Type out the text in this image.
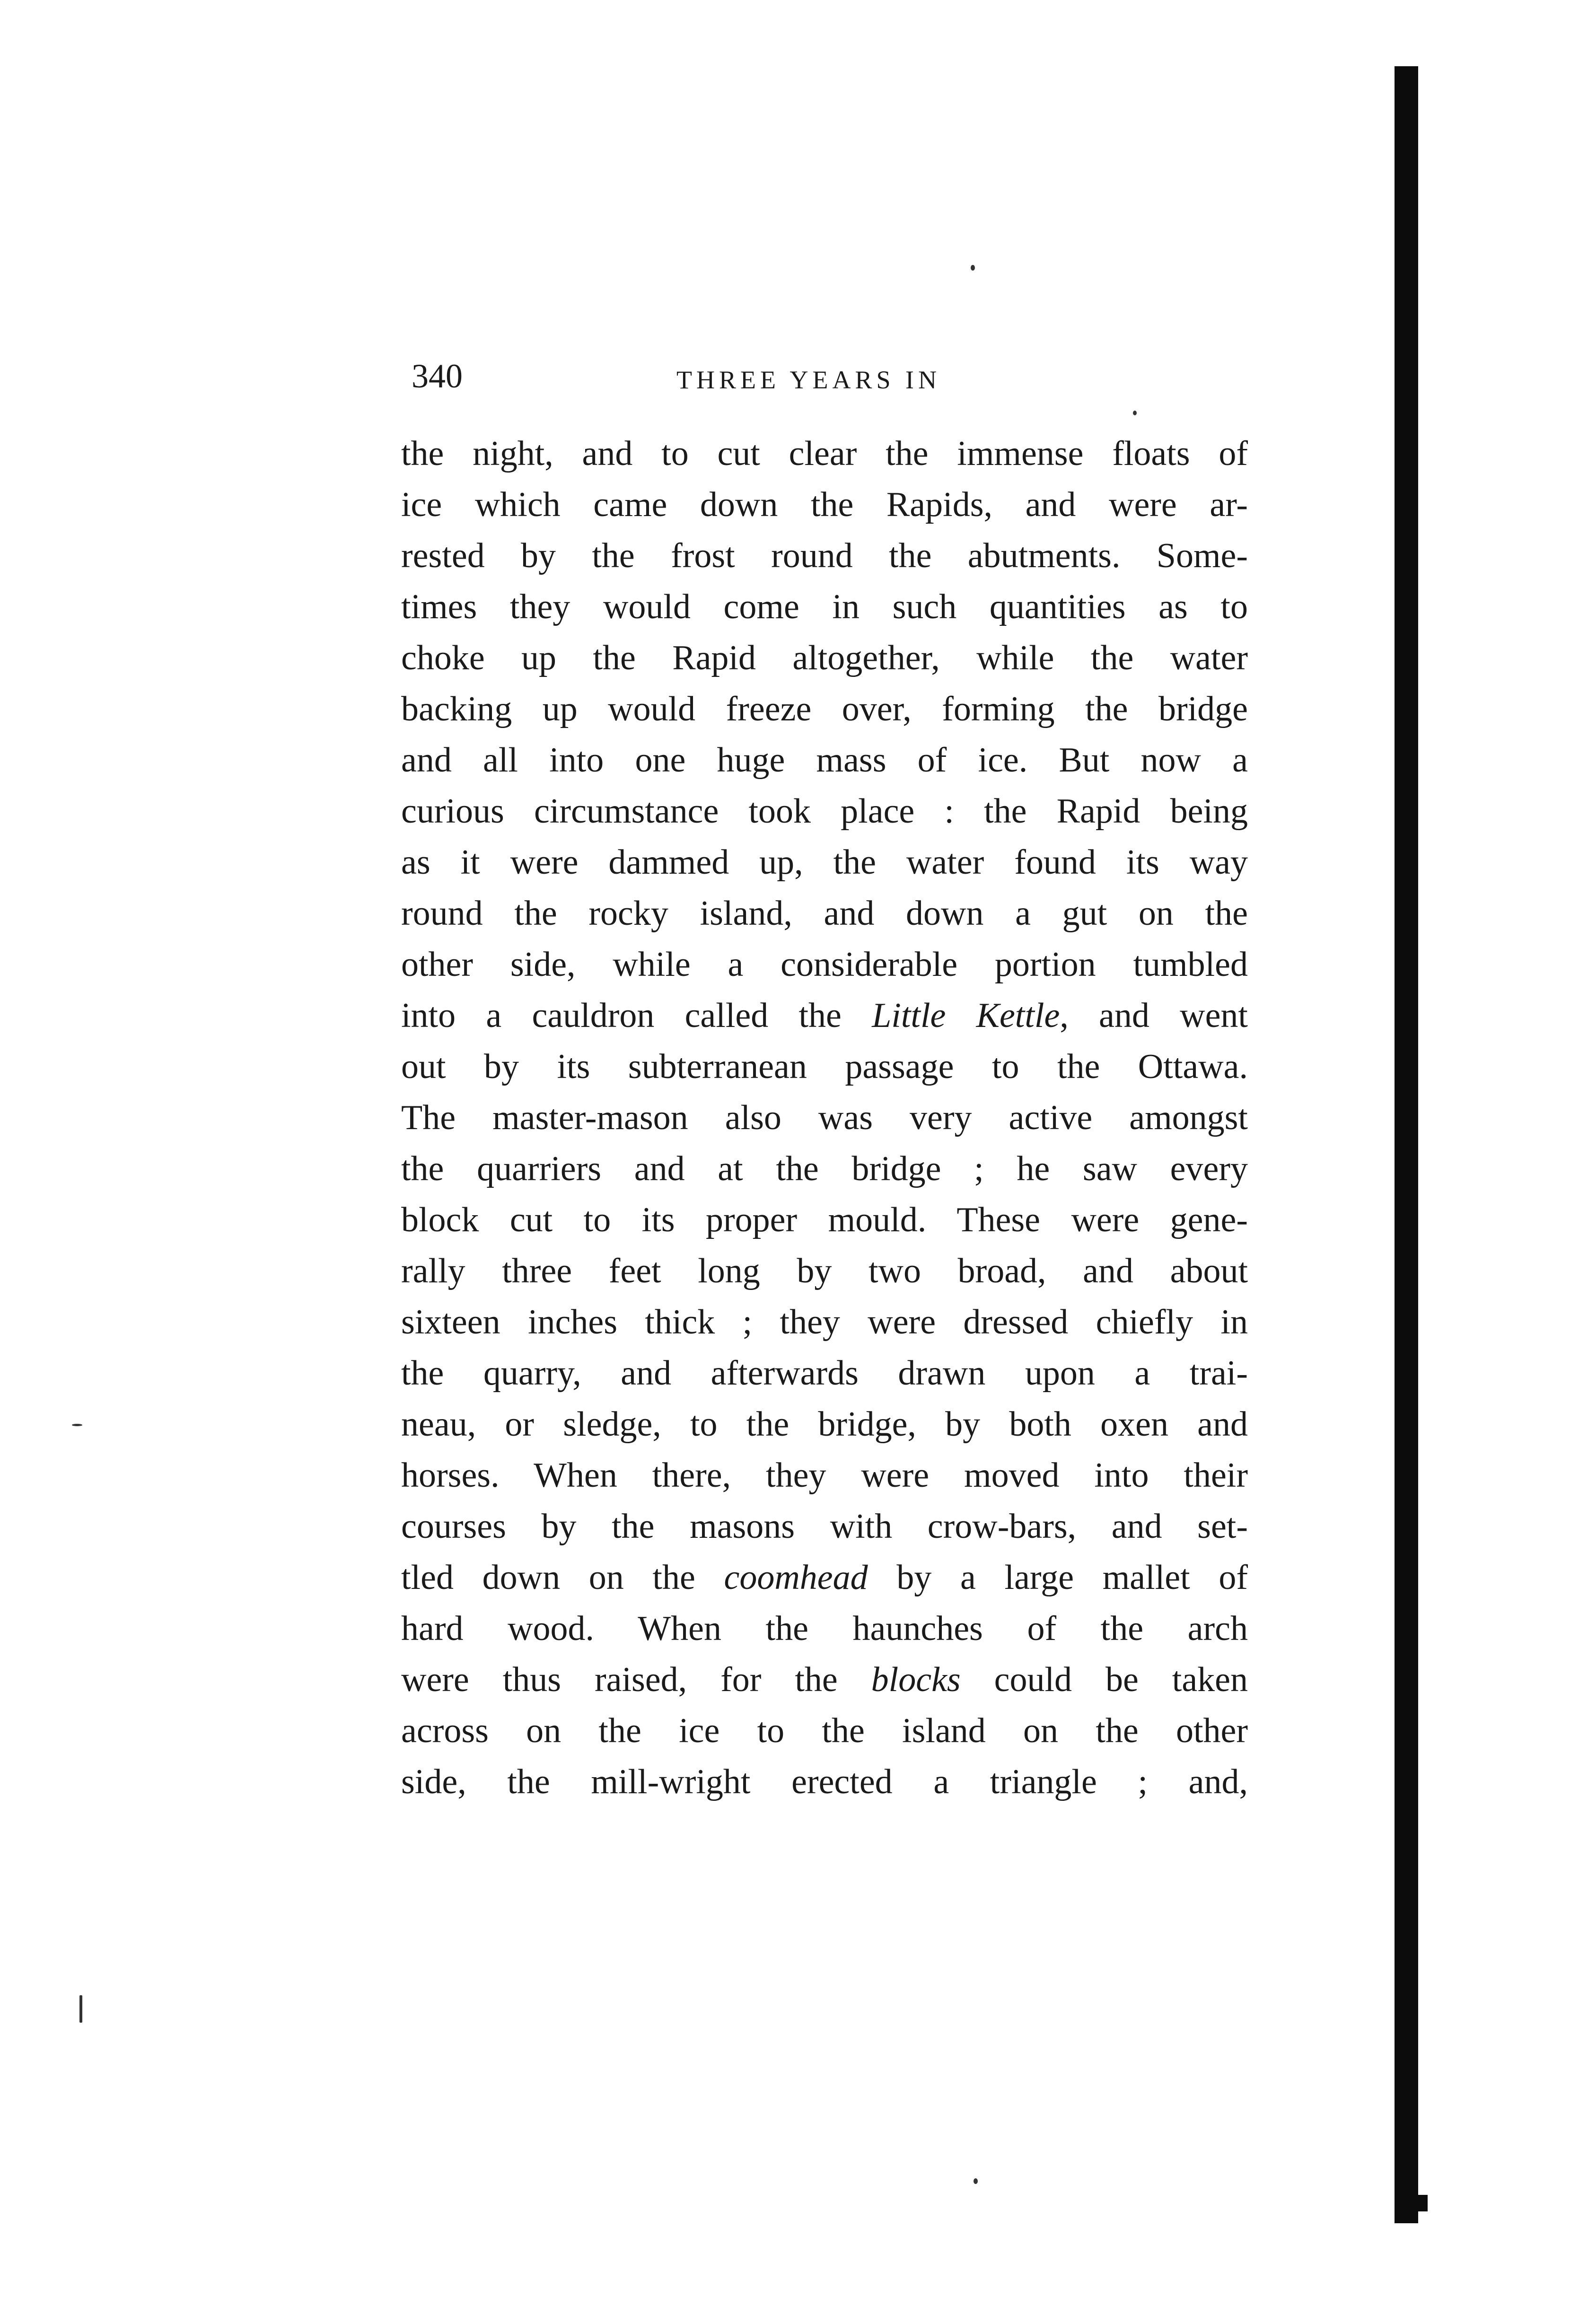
340	THREE YEARS IN
the night, and to cut clear the immense floats of
ice which came down the Rapids, and were ar-
rested by the frost round the abutments. Some-
times they would come in such quantities as to
choke up the Rapid altogether, while the water
backing up would freeze over, forming the bridge
and all into one huge mass of ice. But now a
curious circumstance took place : the Rapid being
as it were dammed up, the water found its way
round the rocky island, and down a gut on the
other side, while a considerable portion tumbled
into a cauldron called the Little Kettle, and went
out by its subterranean passage to the Ottawa.
The master-mason also was very active amongst
the quarriers and at the bridge ; he saw every
block cut to its proper mould. These were gene-
rally three feet long by two broad, and about
sixteen inches thick ; they were dressed chiefly in
the quarry, and afterwards drawn upon a trai-
neau, or sledge, to the bridge, by both oxen and
horses. When there, they were moved into their
courses by the masons with crow-bars, and set-
tled down on the coomhead by a large mallet of
hard wood. When the haunches of the arch
were thus raised, for the blocks could be taken
across on the ice to the island on the other
side, the mill-wright erected a triangle ; and,
